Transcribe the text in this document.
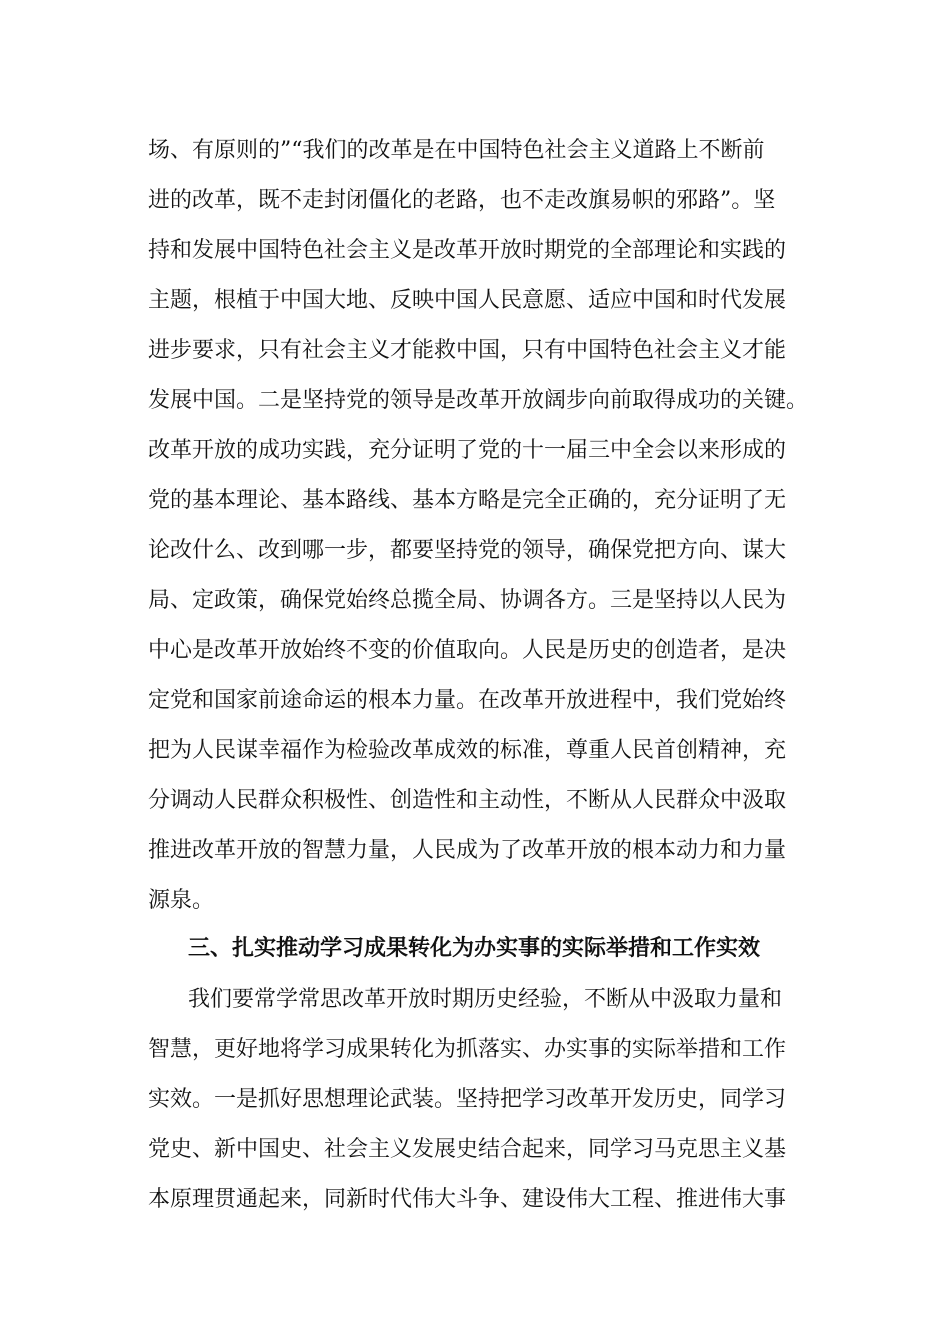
场、有原则的”“我们的改革是在中国特色社会主义道路上不断前
进的改革，既不走封闭僵化的老路，也不走改旗易帜的邪路”。坚
持和发展中国特色社会主义是改革开放时期党的全部理论和实践的
主题，根植于中国大地、反映中国人民意愿、适应中国和时代发展
进步要求，只有社会主义才能救中国，只有中国特色社会主义才能
发展中国。二是坚持党的领导是改革开放阔步向前取得成功的关键。
改革开放的成功实践，充分证明了党的十一届三中全会以来形成的
党的基本理论、基本路线、基本方略是完全正确的，充分证明了无
论改什么、改到哪一步，都要坚持党的领导，确保党把方向、谋大
局、定政策，确保党始终总揽全局、协调各方。三是坚持以人民为
中心是改革开放始终不变的价值取向。人民是历史的创造者，是决
定党和国家前途命运的根本力量。在改革开放进程中，我们党始终
把为人民谋幸福作为检验改革成效的标准，尊重人民首创精神，充
分调动人民群众积极性、创造性和主动性，不断从人民群众中汲取
推进改革开放的智慧力量，人民成为了改革开放的根本动力和力量
源泉。
三、扎实推动学习成果转化为办实事的实际举措和工作实效
我们要常学常思改革开放时期历史经验，不断从中汲取力量和
智慧，更好地将学习成果转化为抓落实、办实事的实际举措和工作
实效。一是抓好思想理论武装。坚持把学习改革开发历史，同学习
党史、新中国史、社会主义发展史结合起来，同学习马克思主义基
本原理贯通起来，同新时代伟大斗争、建设伟大工程、推进伟大事
